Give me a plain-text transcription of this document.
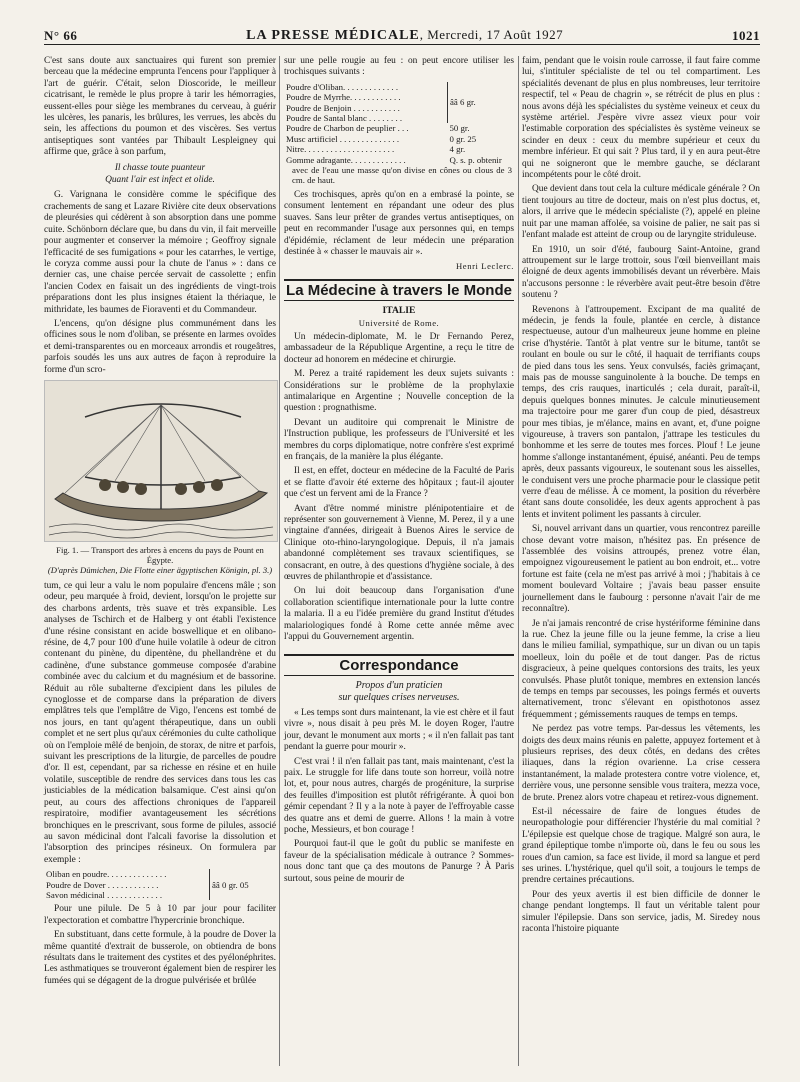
N° 66	LA PRESSE MÉDICALE, Mercredi, 17 Août 1927	1021

C'est sans doute aux sanctuaires qui furent son premier berceau que la médecine emprunta l'encens pour l'appliquer à l'art de guérir. C'était, selon Dioscoride, le meilleur cicatrisant, le remède le plus propre à tarir les hémorragies, eussent-elles pour siège les membranes du cerveau, à guérir les ulcères, les panaris, les brûlures, les verrues, les abcès du sein, les affections du poumon et des viscères. Ses vertus antiseptiques sont vantées par Thibault Lespleigney qui affirme que, grâce à son parfum,

Il chasse toute puanteur
Quant l'air est infect et olide.

G. Varignana le considère comme le spécifique des crachements de sang et Lazare Rivière cite deux observations de pleurésies qui cédèrent à son absorption dans une pomme cuite. Schönborn déclare que, bu dans du vin, il fait merveille pour augmenter et conserver la mémoire ; Geoffroy signale l'efficacité de ses fumigations « pour les catarrhes, le vertige, le coryza comme aussi pour la chute de l'anus » : dans ce dernier cas, une chaise percée servait de cassolette ; enfin l'ancien Codex en faisait un des ingrédients de vingt-trois préparations dont les plus insignes étaient la thériaque, le mithridate, les baumes de Fioraventi et du Commandeur.

L'encens, qu'on désigne plus communément dans les officines sous le nom d'oliban, se présente en larmes ovoïdes et demi-transparentes ou en morceaux arrondis et rougeâtres, parfois soudés les uns aux autres de façon à reproduire la forme d'un scro-

Fig. 1. — Transport des arbres à encens du pays de Pount en Égypte.
(D'après Dümichen, Die Flotte einer ägyptischen Königin, pl. 3.)

tum, ce qui leur a valu le nom populaire d'encens mâle ; son odeur, peu marquée à froid, devient, lorsqu'on le projette sur des charbons ardents, très suave et très expansible. Les analyses de Tschirch et de Halberg y ont établi l'existence d'une résine consistant en acide boswellique et en olibano-résine, de 4,7 pour 100 d'une huile volatile à odeur de citron contenant du pinène, du dipentène, du phellandrène et du cadinène, d'une substance gommeuse composée d'arabine combinée avec du calcium et du magnésium et de bassorine. Réduit au rôle subalterne d'excipient dans les pilules de cynoglosse et de comparse dans la préparation de divers emplâtres tels que l'emplâtre de Vigo, l'encens est tombé de nos jours, en tant qu'agent thérapeutique, dans un oubli complet et ne sert plus qu'aux cérémonies du culte catholique où on l'emploie mêlé de benjoin, de storax, de nitre et parfois, suivant les prescriptions de la liturgie, de parcelles de poudre d'or. Il est, cependant, par sa richesse en résine et en huile volatile, susceptible de rendre des services dans tous les cas justiciables de la médication balsamique. C'est ainsi qu'on peut, au cours des affections chroniques de l'appareil respiratoire, modifier avantageusement les sécrétions bronchiques en le prescrivant, sous forme de pilules, associé au savon médicinal dont l'alcali favorise la dissolution et l'absorption des principes résineux. On formulera par exemple :

Oliban en poudre. . . . . . . . . . . . . .	ââ 0 gr. 05
Poudre de Dover . . . . . . . . . . . .
Savon médicinal . . . . . . . . . . . . .

Pour une pilule. De 5 à 10 par jour pour faciliter l'expectoration et combattre l'hypercrinie bronchique.

En substituant, dans cette formule, à la poudre de Dover la même quantité d'extrait de busserole, on obtiendra de bons résultats dans le traitement des cystites et des pyélonéphrites. Les asthmatiques se trouveront également bien de respirer les fumées qui se dégagent de la drogue pulvérisée et brûlée

sur une pelle rougie au feu : on peut encore utiliser les trochisques suivants :

Poudre d'Oliban. . . . . . . . . . . . .	ââ 6 gr.
Poudre de Myrrhe. . . . . . . . . . . .	
Poudre de Benjoin . . . . . . . . . . .	
Poudre de Santal blanc . . . . . . . .	
Poudre de Charbon de peuplier . . .	50 gr.
Musc artificiel . . . . . . . . . . . . . .	0 gr. 25
Nitre. . . . . . . . . . . . . . . . . . . . .	4 gr.
Gomme adragante. . . . . . . . . . . . .	Q. s. p. obtenir
avec de l'eau une masse qu'on divise en cônes ou clous de 3 cm. de haut.	

Ces trochisques, après qu'on en a embrasé la pointe, se consument lentement en répandant une odeur des plus suaves. Sans leur prêter de grandes vertus antiseptiques, on peut en recommander l'usage aux personnes qui, en temps d'épidémie, réclament de leur médecin une préparation destinée à « chasser le mauvais air ».

Henri Leclerc.
La Médecine à travers le Monde
ITALIE
Université de Rome.

Un médecin-diplomate, M. le Dr Fernando Perez, ambassadeur de la République Argentine, a reçu le titre de docteur ad honorem en médecine et chirurgie.

M. Perez a traité rapidement les deux sujets suivants : Considérations sur le problème de la prophylaxie antimalarique en Argentine ; Nouvelle conception de la question : prognathisme.

Devant un auditoire qui comprenait le Ministre de l'Instruction publique, les professeurs de l'Université et les membres du corps diplomatique, notre confrère s'est exprimé en français, de la manière la plus élégante.

Il est, en effet, docteur en médecine de la Faculté de Paris et se flatte d'avoir été externe des hôpitaux ; faut-il ajouter que c'est un fervent ami de la France ?

Avant d'être nommé ministre plénipotentiaire et de représenter son gouvernement à Vienne, M. Perez, il y a une vingtaine d'années, dirigeait à Buenos Aires le service de Clinique oto-rhino-laryngologique. Depuis, il n'a jamais abandonné complètement ses travaux scientifiques, se consacrant, en outre, à des questions d'hygiène sociale, à des œuvres de philanthropie et d'assistance.

On lui doit beaucoup dans l'organisation d'une collaboration scientifique internationale pour la lutte contre la malaria. Il a eu l'idée première du grand Institut d'études malariologiques fondé à Rome cette année même avec l'appui du Gouvernement argentin.

Correspondance
Propos d'un praticien
sur quelques crises nerveuses.

« Les temps sont durs maintenant, la vie est chère et il faut vivre », nous disait à peu près M. le doyen Roger, l'autre jour, devant le monument aux morts ; « il n'en fallait pas tant pendant la guerre pour mourir ».

C'est vrai ! il n'en fallait pas tant, mais maintenant, c'est la paix. Le struggle for life dans toute son horreur, voilà notre lot, et, pour nous autres, chargés de progéniture, la surprise des feuilles d'imposition est plutôt réfrigérante. À quoi bon gémir cependant ? Il y a la note à payer de l'effroyable casse des quatre ans et demi de guerre. Allons ! la main à votre poche, Messieurs, et bon courage !

Pourquoi faut-il que le goût du public se manifeste en faveur de la spécialisation médicale à outrance ? Sommes-nous donc tant que ça des moutons de Panurge ? À Paris surtout, sous peine de mourir de

faim, pendant que le voisin roule carrosse, il faut faire comme lui, s'intituler spécialiste de tel ou tel compartiment. Les spécialités devenant de plus en plus nombreuses, leur territoire respectif, tel « Peau de chagrin », se rétrécit de plus en plus : nous avons déjà les spécialistes du système veineux et ceux du système artériel. J'espère vivre assez vieux pour voir l'estimable corporation des spécialistes ès système veineux se scinder en deux : ceux du membre supérieur et ceux du membre inférieur. Et qui sait ? Plus tard, il y en aura peut-être qui ne soigneront que le membre gauche, se déclarant incompétents pour le côté droit.

Que devient dans tout cela la culture médicale générale ? On tient toujours au titre de docteur, mais on n'est plus doctus, et, alors, il arrive que le médecin spécialiste (?), appelé en pleine nuit par une maman affolée, sa voisine de palier, ne sait pas si l'enfant malade est atteint de croup ou de laryngite striduleuse.

En 1910, un soir d'été, faubourg Saint-Antoine, grand attroupement sur le large trottoir, sous l'œil bienveillant mais éloigné de deux agents immobilisés devant un réverbère. Mais n'accusons personne : le réverbère avait peut-être besoin d'être soutenu ?

Revenons à l'attroupement. Excipant de ma qualité de médecin, je fends la foule, plantée en cercle, à distance respectueuse, autour d'un malheureux jeune homme en pleine crise d'hystérie. Tantôt à plat ventre sur le bitume, tantôt se roulant en boule ou sur le côté, il haquait de terrifiants coups de pied dans tous les sens. Yeux convulsés, faciès grimaçant, mais pas de mousse sanguinolente à la bouche. De temps en temps, des cris rauques, inarticulés ; cela durait, paraît-il, depuis quelques bonnes minutes. Je calcule minutieusement ma trajectoire pour me garer d'un coup de pied, désastreux pour mes tibias, je m'élance, mains en avant, et, d'une poigne vigoureuse, à travers son pantalon, j'attrape les testicules du bonhomme et les serre de toutes mes forces. Plouf ! Le jeune homme s'allonge instantanément, épuisé, anéanti. Peu de temps après, deux passants vigoureux, le soutenant sous les aisselles, le conduisent vers une proche pharmacie pour le classique petit verre d'eau de mélisse. À ce moment, la position du réverbère étant sans doute consolidée, les deux agents approchent à pas lents et invitent poliment les passants à circuler.

Si, nouvel arrivant dans un quartier, vous rencontrez pareille chose devant votre maison, n'hésitez pas. En présence de l'assemblée des voisins attroupés, prenez votre élan, empoignez vigoureusement le patient au bon endroit, et... votre fortune est faite (cela ne m'est pas arrivé à moi ; j'habitais à ce moment boulevard Voltaire ; j'avais beau passer ensuite journellement dans le faubourg : personne n'avait l'air de me reconnaître).

Je n'ai jamais rencontré de crise hystériforme féminine dans la rue. Chez la jeune fille ou la jeune femme, la crise a lieu dans le milieu familial, sympathique, sur un divan ou un tapis moelleux, loin du poêle et de tout danger. Pas de rictus disgracieux, à peine quelques contorsions des traits, les yeux convulsés. Phase plutôt tonique, membres en extension lancés de temps en temps par secousses, les poings fermés et ouverts alternativement, tronc s'élevant en opisthotonos assez fréquemment ; gémissements rauques de temps en temps.

Ne perdez pas votre temps. Par-dessus les vêtements, les doigts des deux mains réunis en palette, appuyez fortement et à plusieurs reprises, des deux côtés, en dedans des crêtes iliaques, dans la région ovarienne. La crise cessera instantanément, la malade protestera contre votre violence, et, derrière vous, une personne sensible vous traitera, mezza voce, de brute. Prenez alors votre chapeau et retirez-vous dignement.

Est-il nécessaire de faire de longues études de neuropathologie pour différencier l'hystérie du mal comitial ? L'épilepsie est quelque chose de tragique. Malgré son aura, le grand épileptique tombe n'importe où, dans le feu ou sous les roues d'un camion, sa face est livide, il mord sa langue et perd ses urines. L'hystérique, quel qu'il soit, a toujours le temps de prendre certaines précautions.

Pour des yeux avertis il est bien difficile de donner le change pendant longtemps. Il faut un véritable talent pour simuler l'épilepsie. Dans son service, jadis, M. Siredey nous raconta l'histoire piquante
